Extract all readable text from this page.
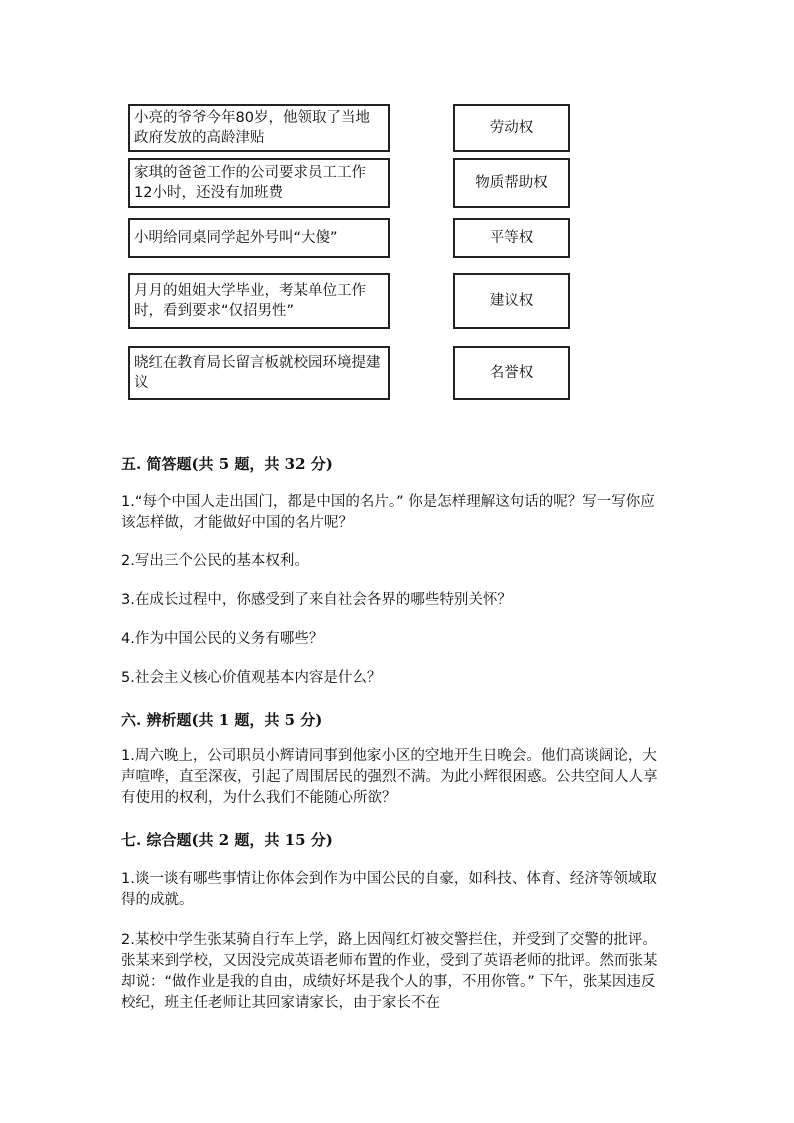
小亮的爷爷今年80岁，他领取了当地政府发放的高龄津贴
家琪的爸爸工作的公司要求员工工作12小时，还没有加班费
小明给同桌同学起外号叫“大傻”
月月的姐姐大学毕业，考某单位工作时，看到要求“仅招男性”
晓红在教育局长留言板就校园环境提建议
劳动权
物质帮助权
平等权
建议权
名誉权
五. 简答题(共 5 题，共 32 分)
1.“每个中国人走出国门，都是中国的名片。” 你是怎样理解这句话的呢？写一写你应该怎样做，才能做好中国的名片呢？
2.写出三个公民的基本权利。
3.在成长过程中，你感受到了来自社会各界的哪些特别关怀？
4.作为中国公民的义务有哪些？
5.社会主义核心价值观基本内容是什么？
六. 辨析题(共 1 题，共 5 分)
1.周六晚上，公司职员小辉请同事到他家小区的空地开生日晚会。他们高谈阔论，大声喧哗，直至深夜，引起了周围居民的强烈不满。为此小辉很困惑。公共空间人人享有使用的权利，为什么我们不能随心所欲？
七. 综合题(共 2 题，共 15 分)
1.谈一谈有哪些事情让你体会到作为中国公民的自豪，如科技、体育、经济等领域取得的成就。
2.某校中学生张某骑自行车上学，路上因闯红灯被交警拦住，并受到了交警的批评。张某来到学校，又因没完成英语老师布置的作业，受到了英语老师的批评。然而张某却说：“做作业是我的自由，成绩好坏是我个人的事，不用你管。” 下午，张某因违反校纪，班主任老师让其回家请家长，由于家长不在
